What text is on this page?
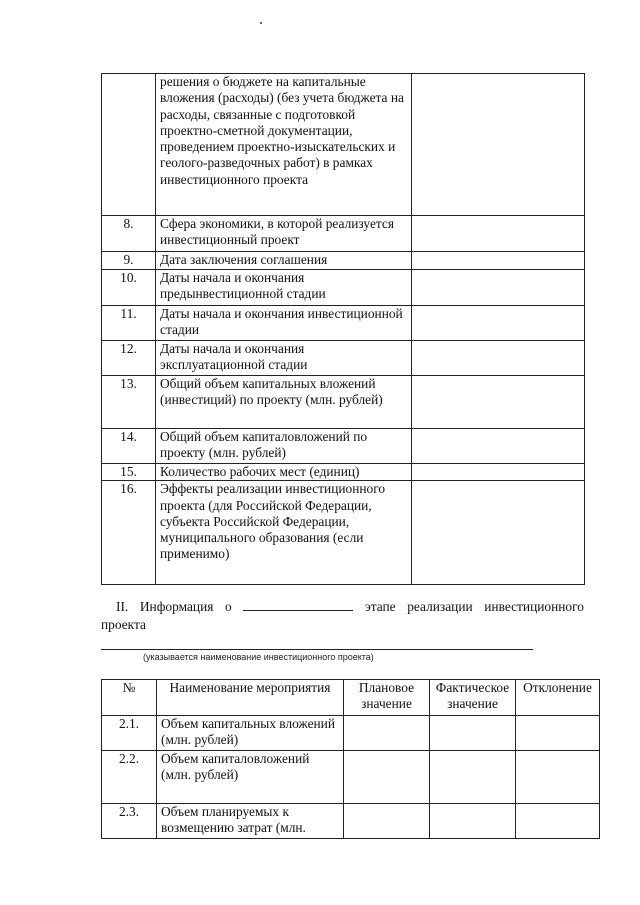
	решения о бюджете на капитальные вложения (расходы) (без учета бюджета на расходы, связанные с подготовкой проектно-сметной документации, проведением проектно-изыскательских и геолого-разведочных работ) в рамках инвестиционного проекта	
8.	Сфера экономики, в которой реализуется инвестиционный проект	
9.	Дата заключения соглашения	
10.	Даты начала и окончания предынвестиционной стадии	
11.	Даты начала и окончания инвестиционной стадии	
12.	Даты начала и окончания эксплуатационной стадии	
13.	Общий объем капитальных вложений (инвестиций) по проекту (млн. рублей)	
14.	Общий объем капиталовложений по проекту (млн. рублей)	
15.	Количество рабочих мест (единиц)	
16.	Эффекты реализации инвестиционного проекта (для Российской Федерации, субъекта Российской Федерации, муниципального образования (если применимо)	
II. Информация о	этапе реализации инвестиционного
проекта
(указывается наименование инвестиционного проекта)
№	Наименование мероприятия	Плановое значение	Фактическое значение	Отклонение
2.1.	Объем капитальных вложений (млн. рублей)			
2.2.	Объем капиталовложений (млн. рублей)			
2.3.	Объем планируемых к возмещению затрат (млн.			
